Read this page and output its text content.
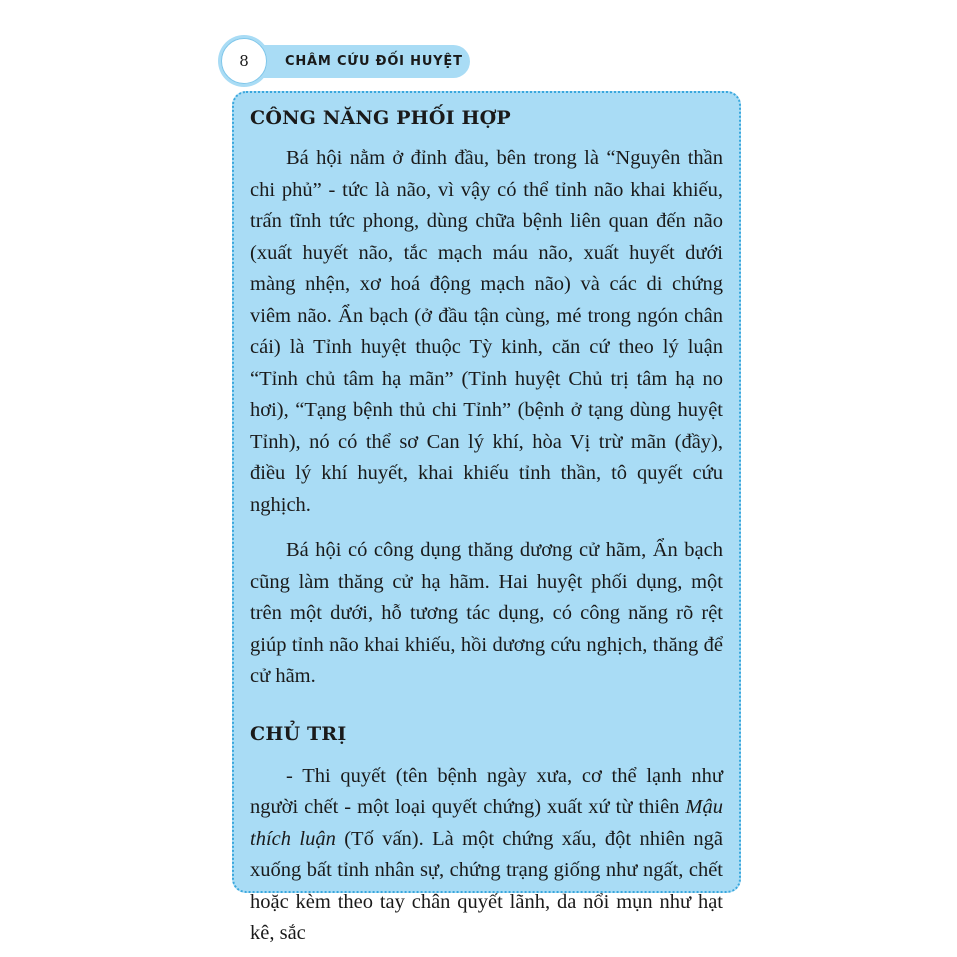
CHÂM CỨU ĐỐI HUYỆT
8
CÔNG NĂNG PHỐI HỢP

Bá hội nằm ở đỉnh đầu, bên trong là “Nguyên thần chi phủ” - tức là não, vì vậy có thể tỉnh não khai khiếu, trấn tĩnh tức phong, dùng chữa bệnh liên quan đến não (xuất huyết não, tắc mạch máu não, xuất huyết dưới màng nhện, xơ hoá động mạch não) và các di chứng viêm não. Ẩn bạch (ở đầu tận cùng, mé trong ngón chân cái) là Tỉnh huyệt thuộc Tỳ kinh, căn cứ theo lý luận “Tỉnh chủ tâm hạ mãn” (Tỉnh huyệt Chủ trị tâm hạ no hơi), “Tạng bệnh thủ chi Tỉnh” (bệnh ở tạng dùng huyệt Tỉnh), nó có thể sơ Can lý khí, hòa Vị trừ mãn (đầy), điều lý khí huyết, khai khiếu tỉnh thần, tô quyết cứu nghịch.

Bá hội có công dụng thăng dương cử hãm, Ẩn bạch cũng làm thăng cử hạ hãm. Hai huyệt phối dụng, một trên một dưới, hỗ tương tác dụng, có công năng rõ rệt giúp tỉnh não khai khiếu, hồi dương cứu nghịch, thăng để cử hãm.

CHỦ TRỊ

- Thi quyết (tên bệnh ngày xưa, cơ thể lạnh như người chết - một loại quyết chứng) xuất xứ từ thiên Mậu thích luận (Tố vấn). Là một chứng xấu, đột nhiên ngã xuống bất tỉnh nhân sự, chứng trạng giống như ngất, chết hoặc kèm theo tay chân quyết lãnh, da nổi mụn như hạt kê, sắc
